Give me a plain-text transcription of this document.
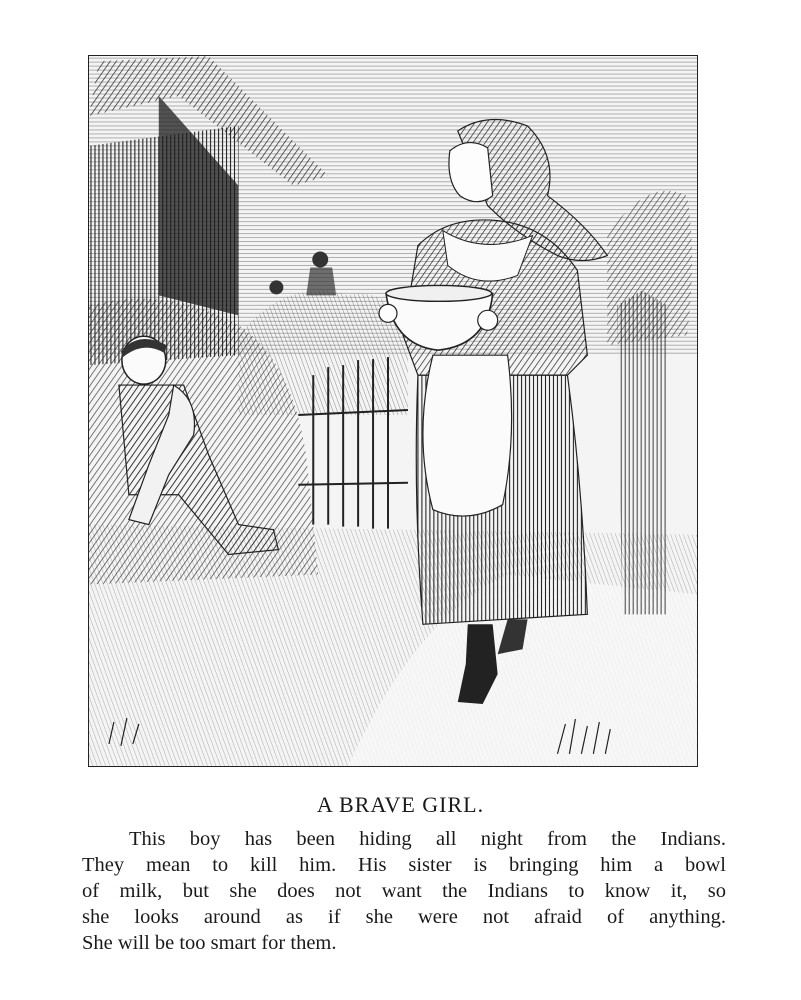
A BRAVE GIRL.

This boy has been hiding all night from the Indians.
They mean to kill him. His sister is bringing him a bowl
of milk, but she does not want the Indians to know it, so
she looks around as if she were not afraid of anything.
She will be too smart for them.
